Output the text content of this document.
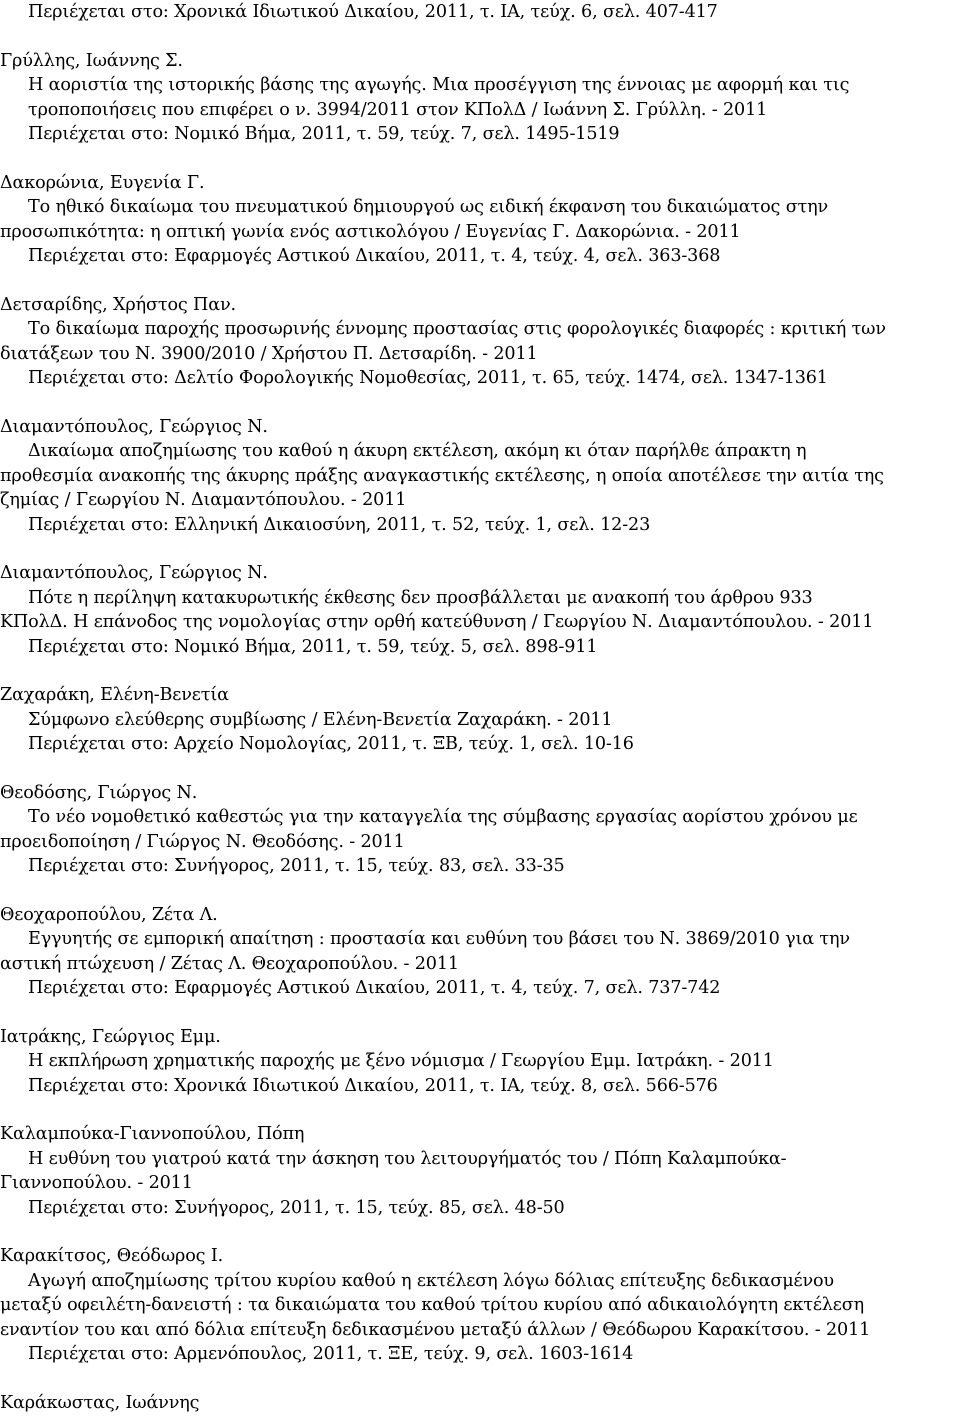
Περιέχεται στο: Χρονικά Ιδιωτικού Δικαίου, 2011, τ. ΙΑ, τεύχ. 6, σελ. 407-417
Γρύλλης, Ιωάννης Σ.
Η αοριστία της ιστορικής βάσης της αγωγής. Μια προσέγγιση της έννοιας με αφορμή και τις
τροποποιήσεις που επιφέρει ο ν. 3994/2011 στον ΚΠολΔ / Ιωάννη Σ. Γρύλλη. - 2011
Περιέχεται στο: Νομικό Βήμα, 2011, τ. 59, τεύχ. 7, σελ. 1495-1519
Δακορώνια, Ευγενία Γ.
Το ηθικό δικαίωμα του πνευματικού δημιουργού ως ειδική έκφανση του δικαιώματος στην
προσωπικότητα: η οπτική γωνία ενός αστικολόγου / Ευγενίας Γ. Δακορώνια. - 2011
Περιέχεται στο: Εφαρμογές Αστικού Δικαίου, 2011, τ. 4, τεύχ. 4, σελ. 363-368
Δετσαρίδης, Χρήστος Παν.
Το δικαίωμα παροχής προσωρινής έννομης προστασίας στις φορολογικές διαφορές : κριτική των
διατάξεων του Ν. 3900/2010 / Χρήστου Π. Δετσαρίδη. - 2011
Περιέχεται στο: Δελτίο Φορολογικής Νομοθεσίας, 2011, τ. 65, τεύχ. 1474, σελ. 1347-1361
Διαμαντόπουλος, Γεώργιος Ν.
Δικαίωμα αποζημίωσης του καθού η άκυρη εκτέλεση, ακόμη κι όταν παρήλθε άπρακτη η
προθεσμία ανακοπής της άκυρης πράξης αναγκαστικής εκτέλεσης, η οποία αποτέλεσε την αιτία της
ζημίας / Γεωργίου Ν. Διαμαντόπουλου. - 2011
Περιέχεται στο: Ελληνική Δικαιοσύνη, 2011, τ. 52, τεύχ. 1, σελ. 12-23
Διαμαντόπουλος, Γεώργιος Ν.
Πότε η περίληψη κατακυρωτικής έκθεσης δεν προσβάλλεται με ανακοπή του άρθρου 933
ΚΠολΔ. Η επάνοδος της νομολογίας στην ορθή κατεύθυνση / Γεωργίου Ν. Διαμαντόπουλου. - 2011
Περιέχεται στο: Νομικό Βήμα, 2011, τ. 59, τεύχ. 5, σελ. 898-911
Ζαχαράκη, Ελένη-Βενετία
Σύμφωνο ελεύθερης συμβίωσης / Ελένη-Βενετία Ζαχαράκη. - 2011
Περιέχεται στο: Αρχείο Νομολογίας, 2011, τ. ΞΒ, τεύχ. 1, σελ. 10-16
Θεοδόσης, Γιώργος Ν.
Το νέο νομοθετικό καθεστώς για την καταγγελία της σύμβασης εργασίας αορίστου χρόνου με
προειδοποίηση / Γιώργος Ν. Θεοδόσης. - 2011
Περιέχεται στο: Συνήγορος, 2011, τ. 15, τεύχ. 83, σελ. 33-35
Θεοχαροπούλου, Ζέτα Λ.
Εγγυητής σε εμπορική απαίτηση : προστασία και ευθύνη του βάσει του Ν. 3869/2010 για την
αστική πτώχευση / Ζέτας Λ. Θεοχαροπούλου. - 2011
Περιέχεται στο: Εφαρμογές Αστικού Δικαίου, 2011, τ. 4, τεύχ. 7, σελ. 737-742
Ιατράκης, Γεώργιος Εμμ.
Η εκπλήρωση χρηματικής παροχής με ξένο νόμισμα / Γεωργίου Εμμ. Ιατράκη. - 2011
Περιέχεται στο: Χρονικά Ιδιωτικού Δικαίου, 2011, τ. ΙΑ, τεύχ. 8, σελ. 566-576
Καλαμπούκα-Γιαννοπούλου, Πόπη
Η ευθύνη του γιατρού κατά την άσκηση του λειτουργήματός του / Πόπη Καλαμπούκα-
Γιαννοπούλου. - 2011
Περιέχεται στο: Συνήγορος, 2011, τ. 15, τεύχ. 85, σελ. 48-50
Καρακίτσος, Θεόδωρος Ι.
Αγωγή αποζημίωσης τρίτου κυρίου καθού η εκτέλεση λόγω δόλιας επίτευξης δεδικασμένου
μεταξύ οφειλέτη-δανειστή : τα δικαιώματα του καθού τρίτου κυρίου από αδικαιολόγητη εκτέλεση
εναντίον του και από δόλια επίτευξη δεδικασμένου μεταξύ άλλων / Θεόδωρου Καρακίτσου. - 2011
Περιέχεται στο: Αρμενόπουλος, 2011, τ. ΞΕ, τεύχ. 9, σελ. 1603-1614
Καράκωστας, Ιωάννης
